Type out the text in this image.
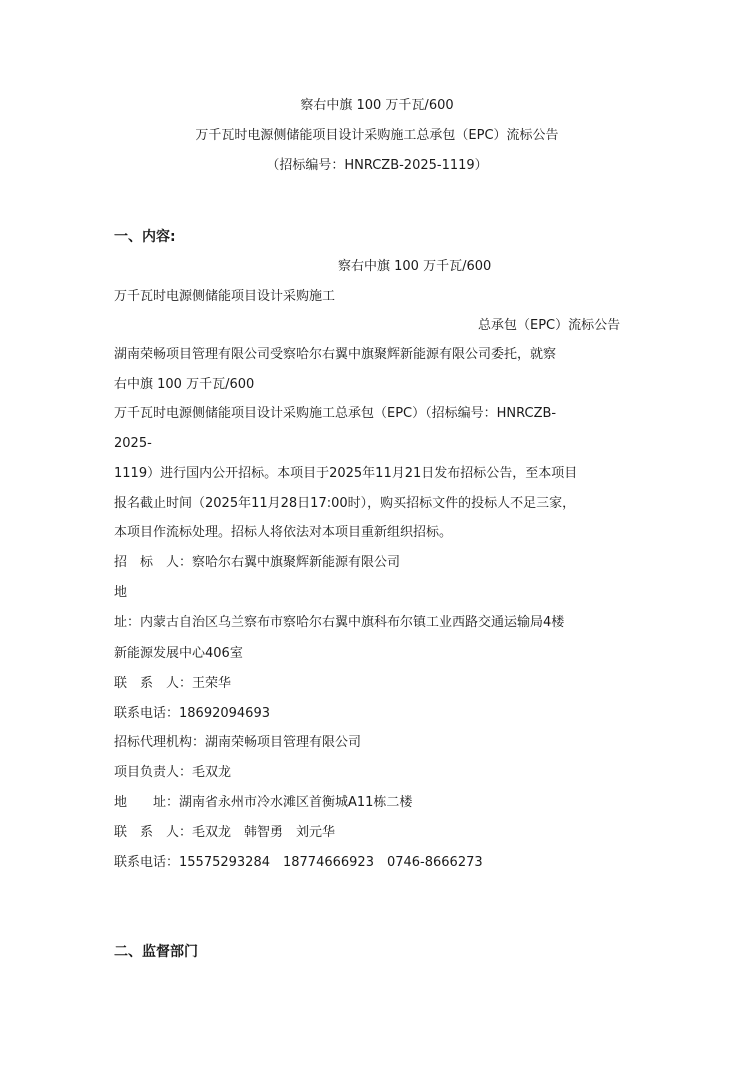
察右中旗 100 万千瓦/600

万千瓦时电源侧储能项目设计采购施工总承包（EPC）流标公告

（招标编号：HNRCZB-2025-1119）

一、内容:

察右中旗 100 万千瓦/600

万千瓦时电源侧储能项目设计采购施工

总承包（EPC）流标公告

湖南荣畅项目管理有限公司受察哈尔右翼中旗聚辉新能源有限公司委托，就察

右中旗 100 万千瓦/600

万千瓦时电源侧储能项目设计采购施工总承包（EPC）（招标编号：HNRCZB-

2025-

1119）进行国内公开招标。本项目于2025年11月21日发布招标公告，至本项目

报名截止时间（2025年11月28日17:00时），购买招标文件的投标人不足三家，

本项目作流标处理。招标人将依法对本项目重新组织招标。

招　标　人：察哈尔右翼中旗聚辉新能源有限公司

地

址：内蒙古自治区乌兰察布市察哈尔右翼中旗科布尔镇工业西路交通运输局4楼

新能源发展中心406室

联　系　人：王荣华

联系电话：18692094693

招标代理机构：湖南荣畅项目管理有限公司

项目负责人：毛双龙

地　　址：湖南省永州市冷水滩区首衡城A11栋二楼

联　系　人：毛双龙　韩智勇　刘元华

联系电话：15575293284　18774666923　0746-8666273

二、监督部门
